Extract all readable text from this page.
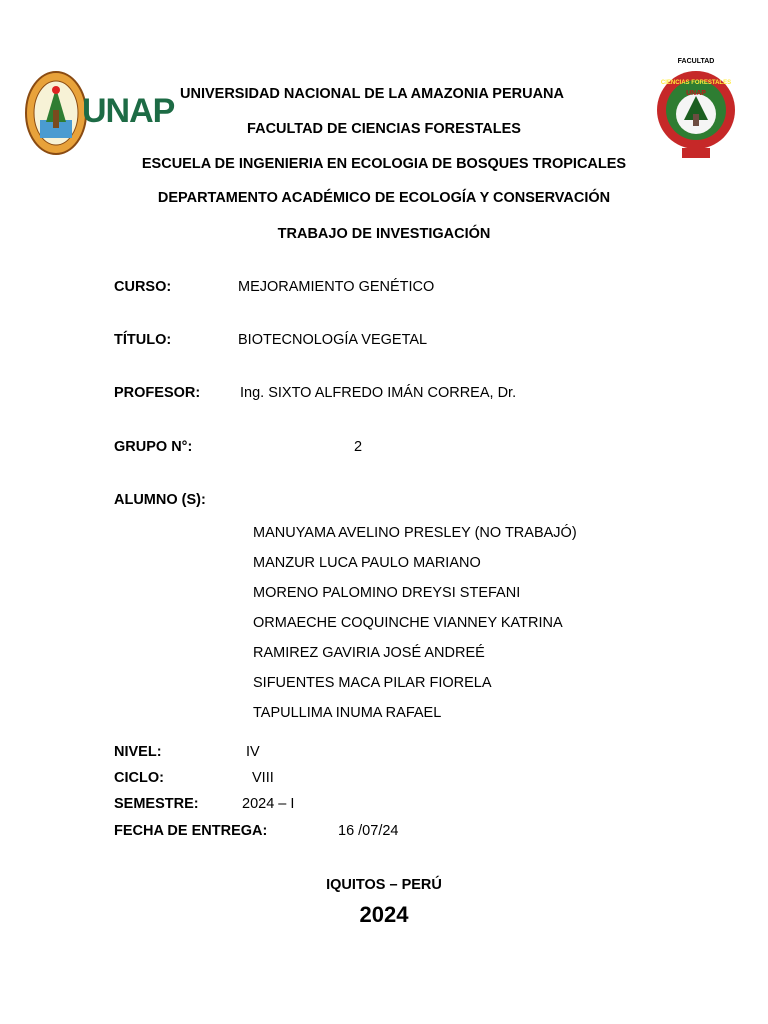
UNAP
FACULTAD
CIENCIAS FORESTALES
UNAP
UNIVERSIDAD NACIONAL DE LA AMAZONIA PERUANA
FACULTAD DE CIENCIAS FORESTALES
ESCUELA DE INGENIERIA EN ECOLOGIA DE BOSQUES TROPICALES
DEPARTAMENTO ACADÉMICO DE ECOLOGÍA Y CONSERVACIÓN
TRABAJO DE INVESTIGACIÓN
CURSO:	MEJORAMIENTO GENÉTICO
TÍTULO:	BIOTECNOLOGÍA VEGETAL
PROFESOR:	Ing. SIXTO ALFREDO IMÁN CORREA, Dr.
GRUPO N°:	2
ALUMNO (S):
MANUYAMA AVELINO PRESLEY (NO TRABAJÓ)
MANZUR LUCA PAULO MARIANO
MORENO PALOMINO DREYSI STEFANI
ORMAECHE COQUINCHE VIANNEY KATRINA
RAMIREZ GAVIRIA JOSÉ ANDREÉ
SIFUENTES MACA PILAR FIORELA
TAPULLIMA INUMA RAFAEL
NIVEL:	IV
CICLO:	VIII
SEMESTRE:	2024 – I
FECHA DE ENTREGA:	16 /07/24
IQUITOS – PERÚ
2024
